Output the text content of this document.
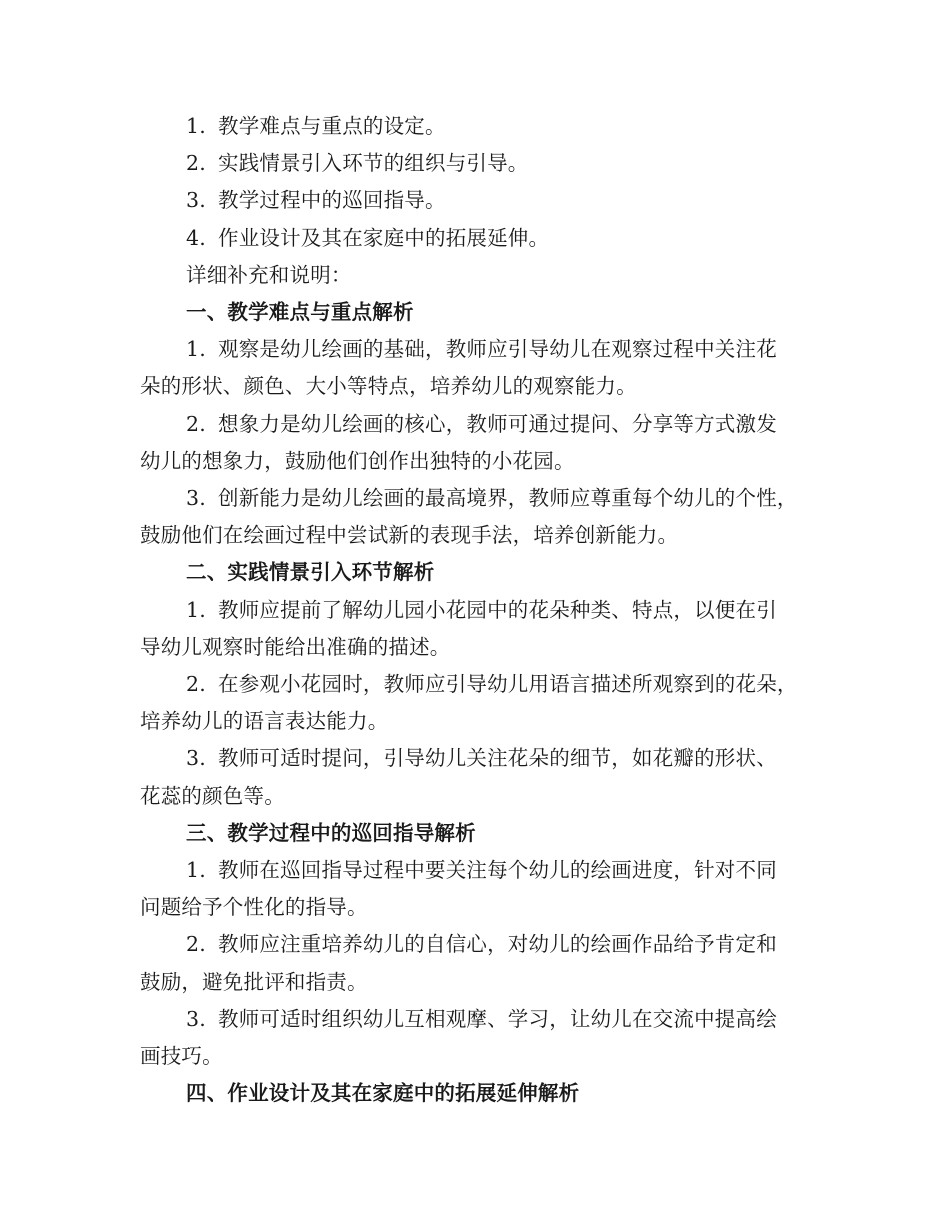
1. 教学难点与重点的设定。

2. 实践情景引入环节的组织与引导。

3. 教学过程中的巡回指导。

4. 作业设计及其在家庭中的拓展延伸。

详细补充和说明：

一、教学难点与重点解析

1. 观察是幼儿绘画的基础，教师应引导幼儿在观察过程中关注花

朵的形状、颜色、大小等特点，培养幼儿的观察能力。

2. 想象力是幼儿绘画的核心，教师可通过提问、分享等方式激发

幼儿的想象力，鼓励他们创作出独特的小花园。

3. 创新能力是幼儿绘画的最高境界，教师应尊重每个幼儿的个性，

鼓励他们在绘画过程中尝试新的表现手法，培养创新能力。

二、实践情景引入环节解析

1. 教师应提前了解幼儿园小花园中的花朵种类、特点，以便在引

导幼儿观察时能给出准确的描述。

2. 在参观小花园时，教师应引导幼儿用语言描述所观察到的花朵，

培养幼儿的语言表达能力。

3. 教师可适时提问，引导幼儿关注花朵的细节，如花瓣的形状、

花蕊的颜色等。

三、教学过程中的巡回指导解析

1. 教师在巡回指导过程中要关注每个幼儿的绘画进度，针对不同

问题给予个性化的指导。

2. 教师应注重培养幼儿的自信心，对幼儿的绘画作品给予肯定和

鼓励，避免批评和指责。

3. 教师可适时组织幼儿互相观摩、学习，让幼儿在交流中提高绘

画技巧。

四、作业设计及其在家庭中的拓展延伸解析
